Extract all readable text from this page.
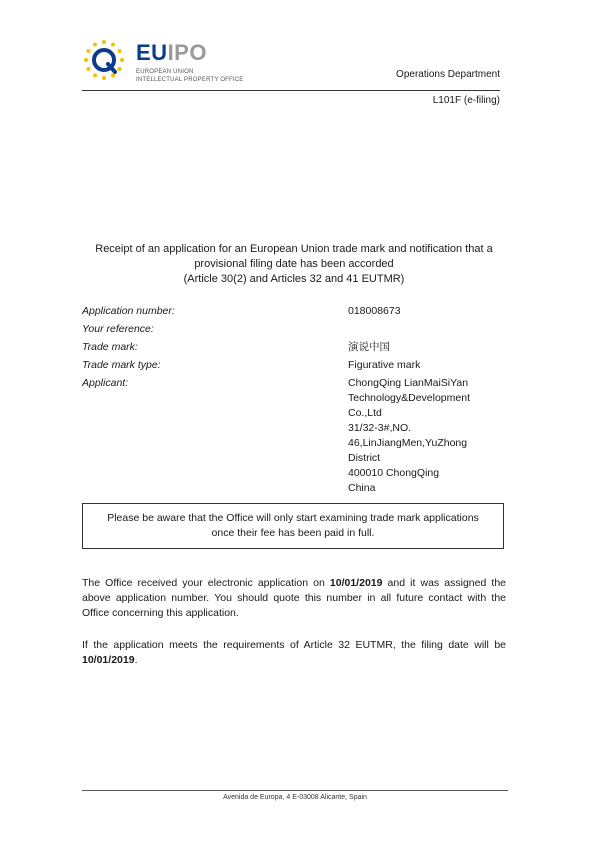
EUIPO
EUROPEAN UNION
INTELLECTUAL PROPERTY OFFICE	Operations Department
L101F (e-filing)
Receipt of an application for an European Union trade mark and notification that a
provisional filing date has been accorded
(Article 30(2) and Articles 32 and 41 EUTMR)
Application number:	018008673
Your reference:
Trade mark:	演说中国
Trade mark type:	Figurative mark
Applicant:	ChongQing LianMaiSiYan
Technology&Development
Co.,Ltd
31/32-3#,NO.
46,LinJiangMen,YuZhong
District
400010 ChongQing
China
Please be aware that the Office will only start examining trade mark applications
once their fee has been paid in full.
The Office received your electronic application on 10/01/2019 and it was assigned the above application number. You should quote this number in all future contact with the Office concerning this application.
If the application meets the requirements of Article 32 EUTMR, the filing date will be 10/01/2019.
Avenida de Europa, 4 E-03008 Alicante, Spain
